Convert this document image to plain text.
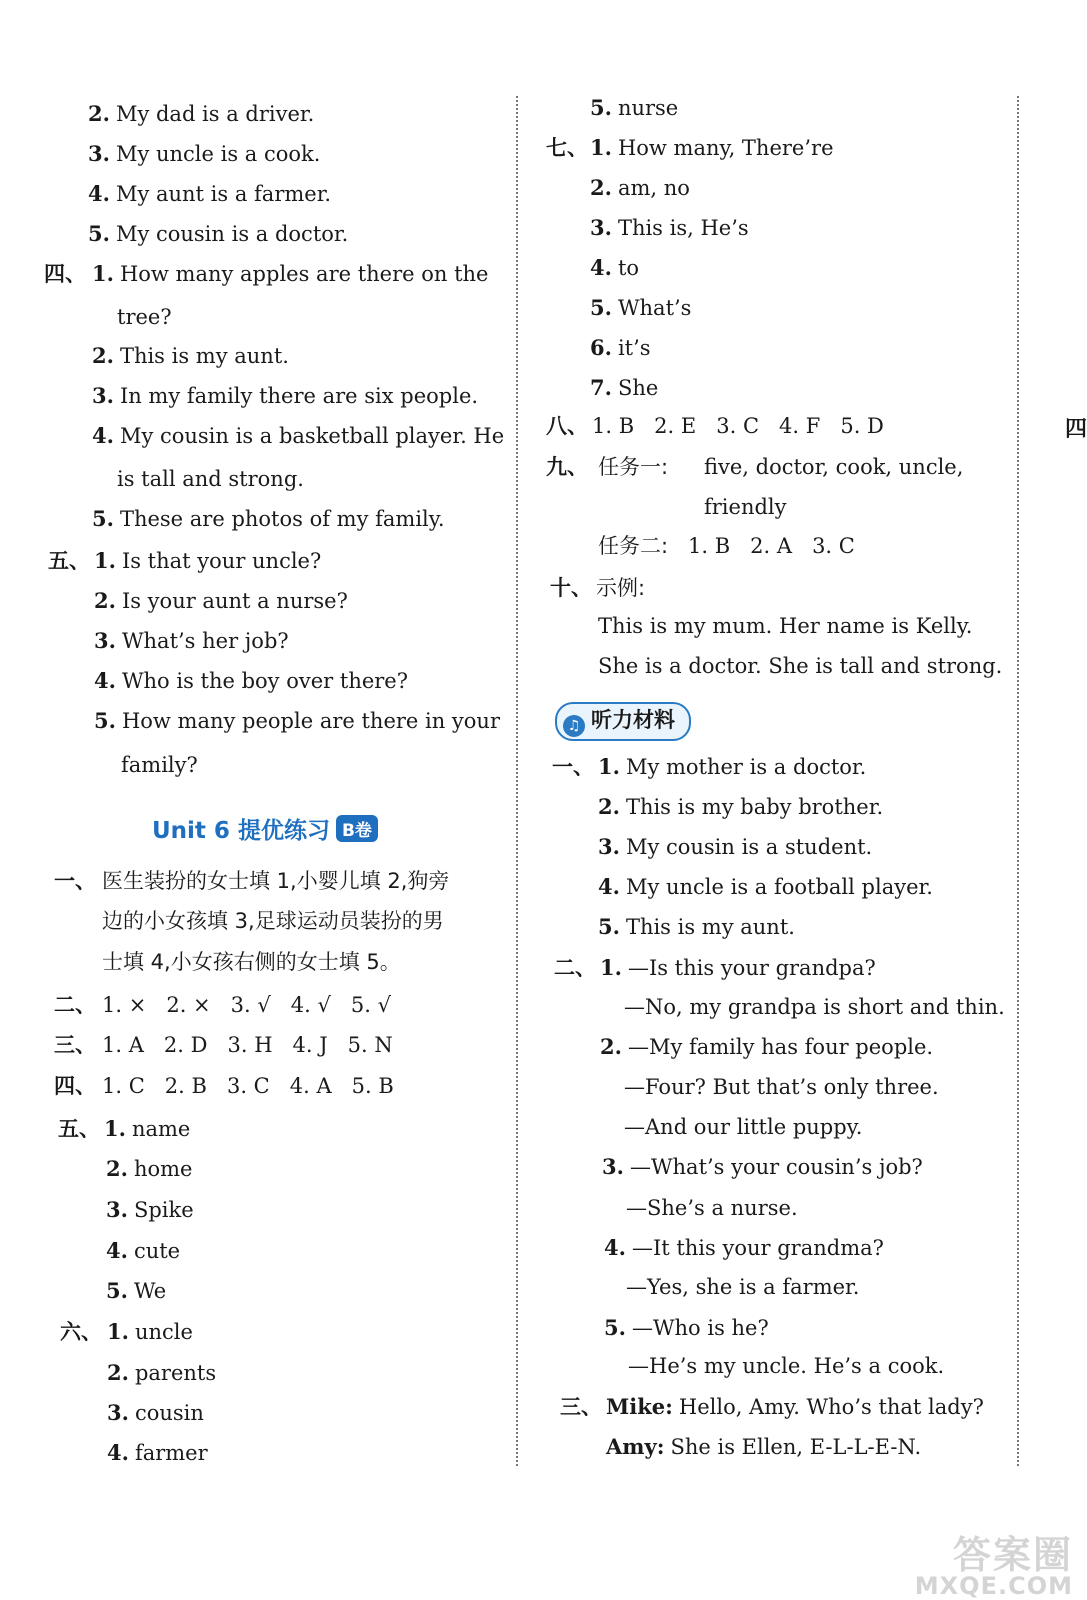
2. My dad is a driver.
3. My uncle is a cook.
4. My aunt is a farmer.
5. My cousin is a doctor.
四、 1. How many apples are there on the
tree?
2. This is my aunt.
3. In my family there are six people.
4. My cousin is a basketball player. He
is tall and strong.
5. These are photos of my family.
五、 1. Is that your uncle?
2. Is your aunt a nurse?
3. What’s her job?
4. Who is the boy over there?
5. How many people are there in your
family?
Unit 6 提优练习 B卷
一、 医生装扮的女士填 1,小婴儿填 2,狗旁
边的小女孩填 3,足球运动员装扮的男
士填 4,小女孩右侧的女士填 5。
二、 1. ×   2. ×   3. √   4. √   5. √
三、 1. A   2. D   3. H   4. J   5. N
四、 1. C   2. B   3. C   4. A   5. B
五、 1. name
2. home
3. Spike
4. cute
5. We
六、 1. uncle
2. parents
3. cousin
4. farmer
5. nurse
七、 1. How many, There’re
2. am, no
3. This is, He’s
4. to
5. What’s
6. it’s
7. She
八、 1. B   2. E   3. C   4. F   5. D
九、 任务一: five, doctor, cook, uncle,
friendly
任务二: 1. B   2. A   3. C
十、 示例:
This is my mum. Her name is Kelly.
She is a doctor. She is tall and strong.
♫ 听力材料
一、 1. My mother is a doctor.
2. This is my baby brother.
3. My cousin is a student.
4. My uncle is a football player.
5. This is my aunt.
二、 1. —Is this your grandpa?
—No, my grandpa is short and thin.
2. —My family has four people.
—Four? But that’s only three.
—And our little puppy.
3. —What’s your cousin’s job?
—She’s a nurse.
4. —It this your grandma?
—Yes, she is a farmer.
5. —Who is he?
—He’s my uncle. He’s a cook.
三、 Mike: Hello, Amy. Who’s that lady?
Amy: She is Ellen, E-L-L-E-N.
四
答案圈
MXQE.COM
